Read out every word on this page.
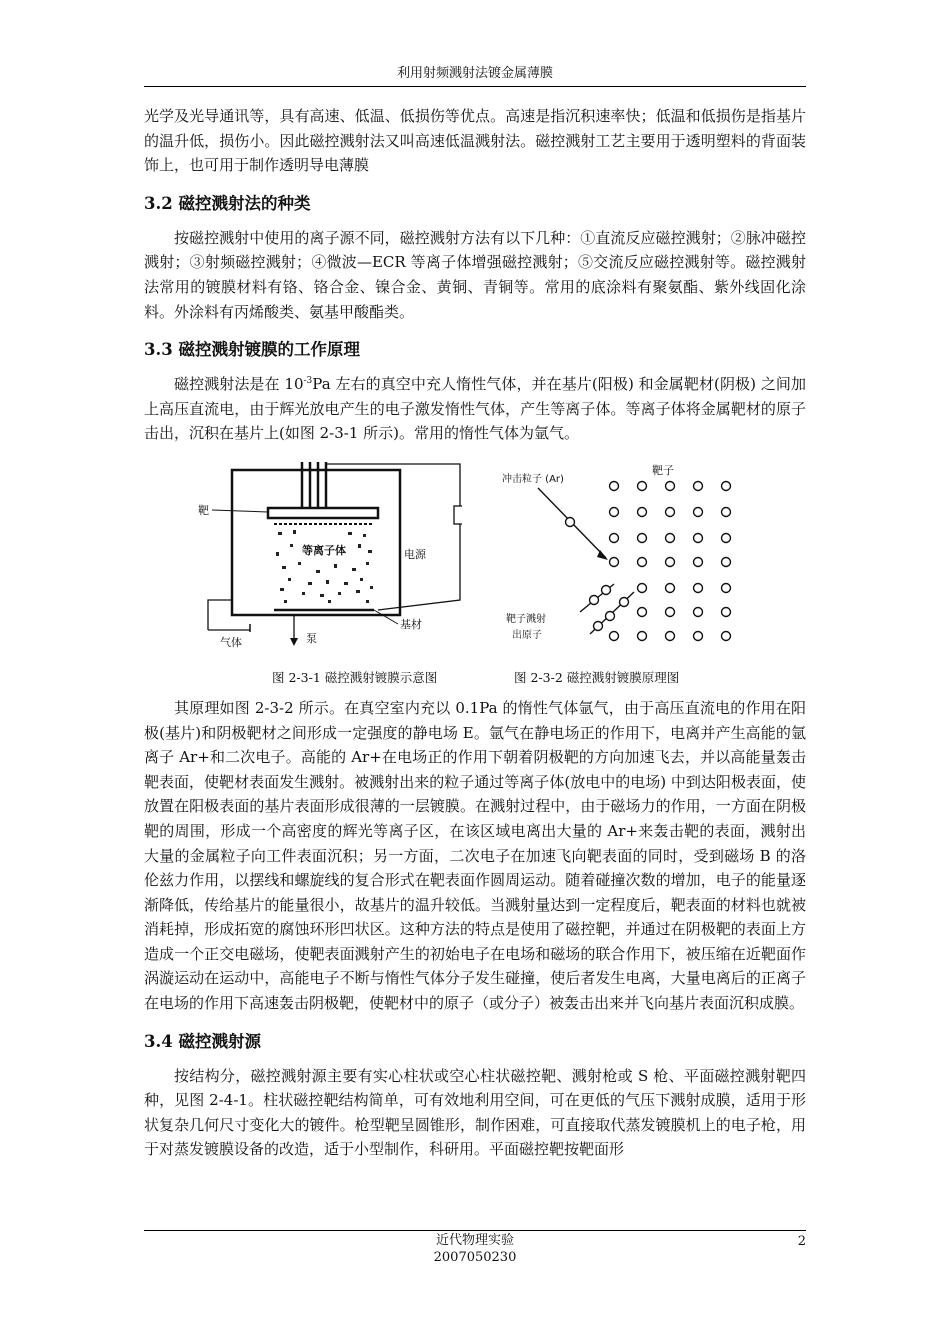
利用射频溅射法镀金属薄膜

光学及光导通讯等，具有高速、低温、低损伤等优点。高速是指沉积速率快；低温和低损伤是指基片的温升低，损伤小。因此磁控溅射法又叫高速低温溅射法。磁控溅射工艺主要用于透明塑料的背面装饰上，也可用于制作透明导电薄膜

3.2 磁控溅射法的种类

按磁控溅射中使用的离子源不同，磁控溅射方法有以下几种：①直流反应磁控溅射；②脉冲磁控溅射；③射频磁控溅射；④微波—ECR 等离子体增强磁控溅射；⑤交流反应磁控溅射等。磁控溅射法常用的镀膜材料有铬、铬合金、镍合金、黄铜、青铜等。常用的底涂料有聚氨酯、紫外线固化涂料。外涂料有丙烯酸类、氨基甲酸酯类。

3.3 磁控溅射镀膜的工作原理

磁控溅射法是在 $10^{-3}Pa$ 左右的真空中充人惰性气体，并在基片(阳极) 和金属靶材(阴极) 之间加上高压直流电，由于辉光放电产生的电子激发惰性气体，产生等离子体。等离子体将金属靶材的原子击出，沉积在基片上(如图 2-3-1 所示)。常用的惰性气体为氩气。

等离子体
靶
电源
基材
气体	泵
冲击粒子 (Ar)
靶子
靶子溅射
出原子
图 2-3-1 磁控溅射镀膜示意图	图 2-3-2 磁控溅射镀膜原理图

其原理如图 2-3-2 所示。在真空室内充以 0.1Pa 的惰性气体氩气，由于高压直流电的作用在阳极(基片)和阴极靶材之间形成一定强度的静电场 E。氩气在静电场正的作用下，电离并产生高能的氩离子 Ar+和二次电子。高能的 Ar+在电场正的作用下朝着阴极靶的方向加速飞去，并以高能量轰击靶表面，使靶材表面发生溅射。被溅射出来的粒子通过等离子体(放电中的电场) 中到达阳极表面，使放置在阳极表面的基片表面形成很薄的一层镀膜。在溅射过程中，由于磁场力的作用，一方面在阴极靶的周围，形成一个高密度的辉光等离子区，在该区域电离出大量的 Ar+来轰击靶的表面，溅射出大量的金属粒子向工件表面沉积；另一方面，二次电子在加速飞向靶表面的同时，受到磁场 B 的洛伦兹力作用，以摆线和螺旋线的复合形式在靶表面作圆周运动。随着碰撞次数的增加，电子的能量逐渐降低，传给基片的能量很小，故基片的温升较低。当溅射量达到一定程度后，靶表面的材料也就被消耗掉，形成拓宽的腐蚀环形凹状区。这种方法的特点是使用了磁控靶，并通过在阴极靶的表面上方造成一个正交电磁场，使靶表面溅射产生的初始电子在电场和磁场的联合作用下，被压缩在近靶面作涡漩运动在运动中，高能电子不断与惰性气体分子发生碰撞，使后者发生电离，大量电离后的正离子在电场的作用下高速轰击阴极靶，使靶材中的原子（或分子）被轰击出来并飞向基片表面沉积成膜。

3.4 磁控溅射源

按结构分，磁控溅射源主要有实心柱状或空心柱状磁控靶、溅射枪或 S 枪、平面磁控溅射靶四种，见图 2-4-1。柱状磁控靶结构简单，可有效地利用空间，可在更低的气压下溅射成膜，适用于形状复杂几何尺寸变化大的镀件。枪型靶呈圆锥形，制作困难，可直接取代蒸发镀膜机上的电子枪，用于对蒸发镀膜设备的改造，适于小型制作，科研用。平面磁控靶按靶面形

近代物理实验
2007050230
2
